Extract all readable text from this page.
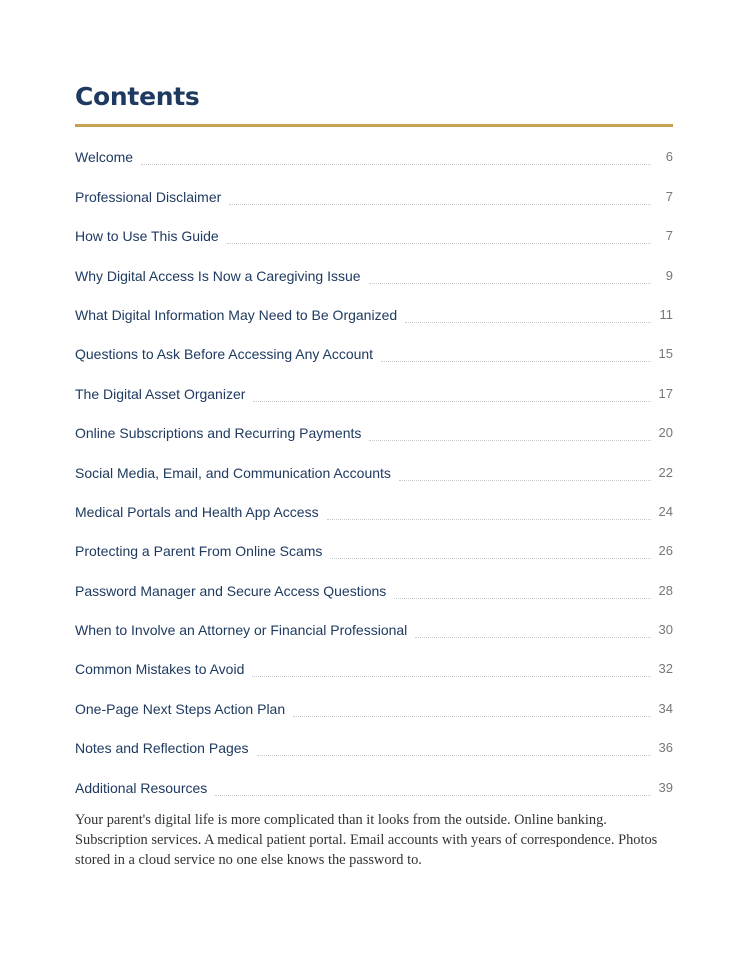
Contents
Welcome	6
Professional Disclaimer	7
How to Use This Guide	7
Why Digital Access Is Now a Caregiving Issue	9
What Digital Information May Need to Be Organized	11
Questions to Ask Before Accessing Any Account	15
The Digital Asset Organizer	17
Online Subscriptions and Recurring Payments	20
Social Media, Email, and Communication Accounts	22
Medical Portals and Health App Access	24
Protecting a Parent From Online Scams	26
Password Manager and Secure Access Questions	28
When to Involve an Attorney or Financial Professional	30
Common Mistakes to Avoid	32
One-Page Next Steps Action Plan	34
Notes and Reflection Pages	36
Additional Resources	39

Your parent's digital life is more complicated than it looks from the outside. Online banking. Subscription services. A medical patient portal. Email accounts with years of correspondence. Photos stored in a cloud service no one else knows the password to.
